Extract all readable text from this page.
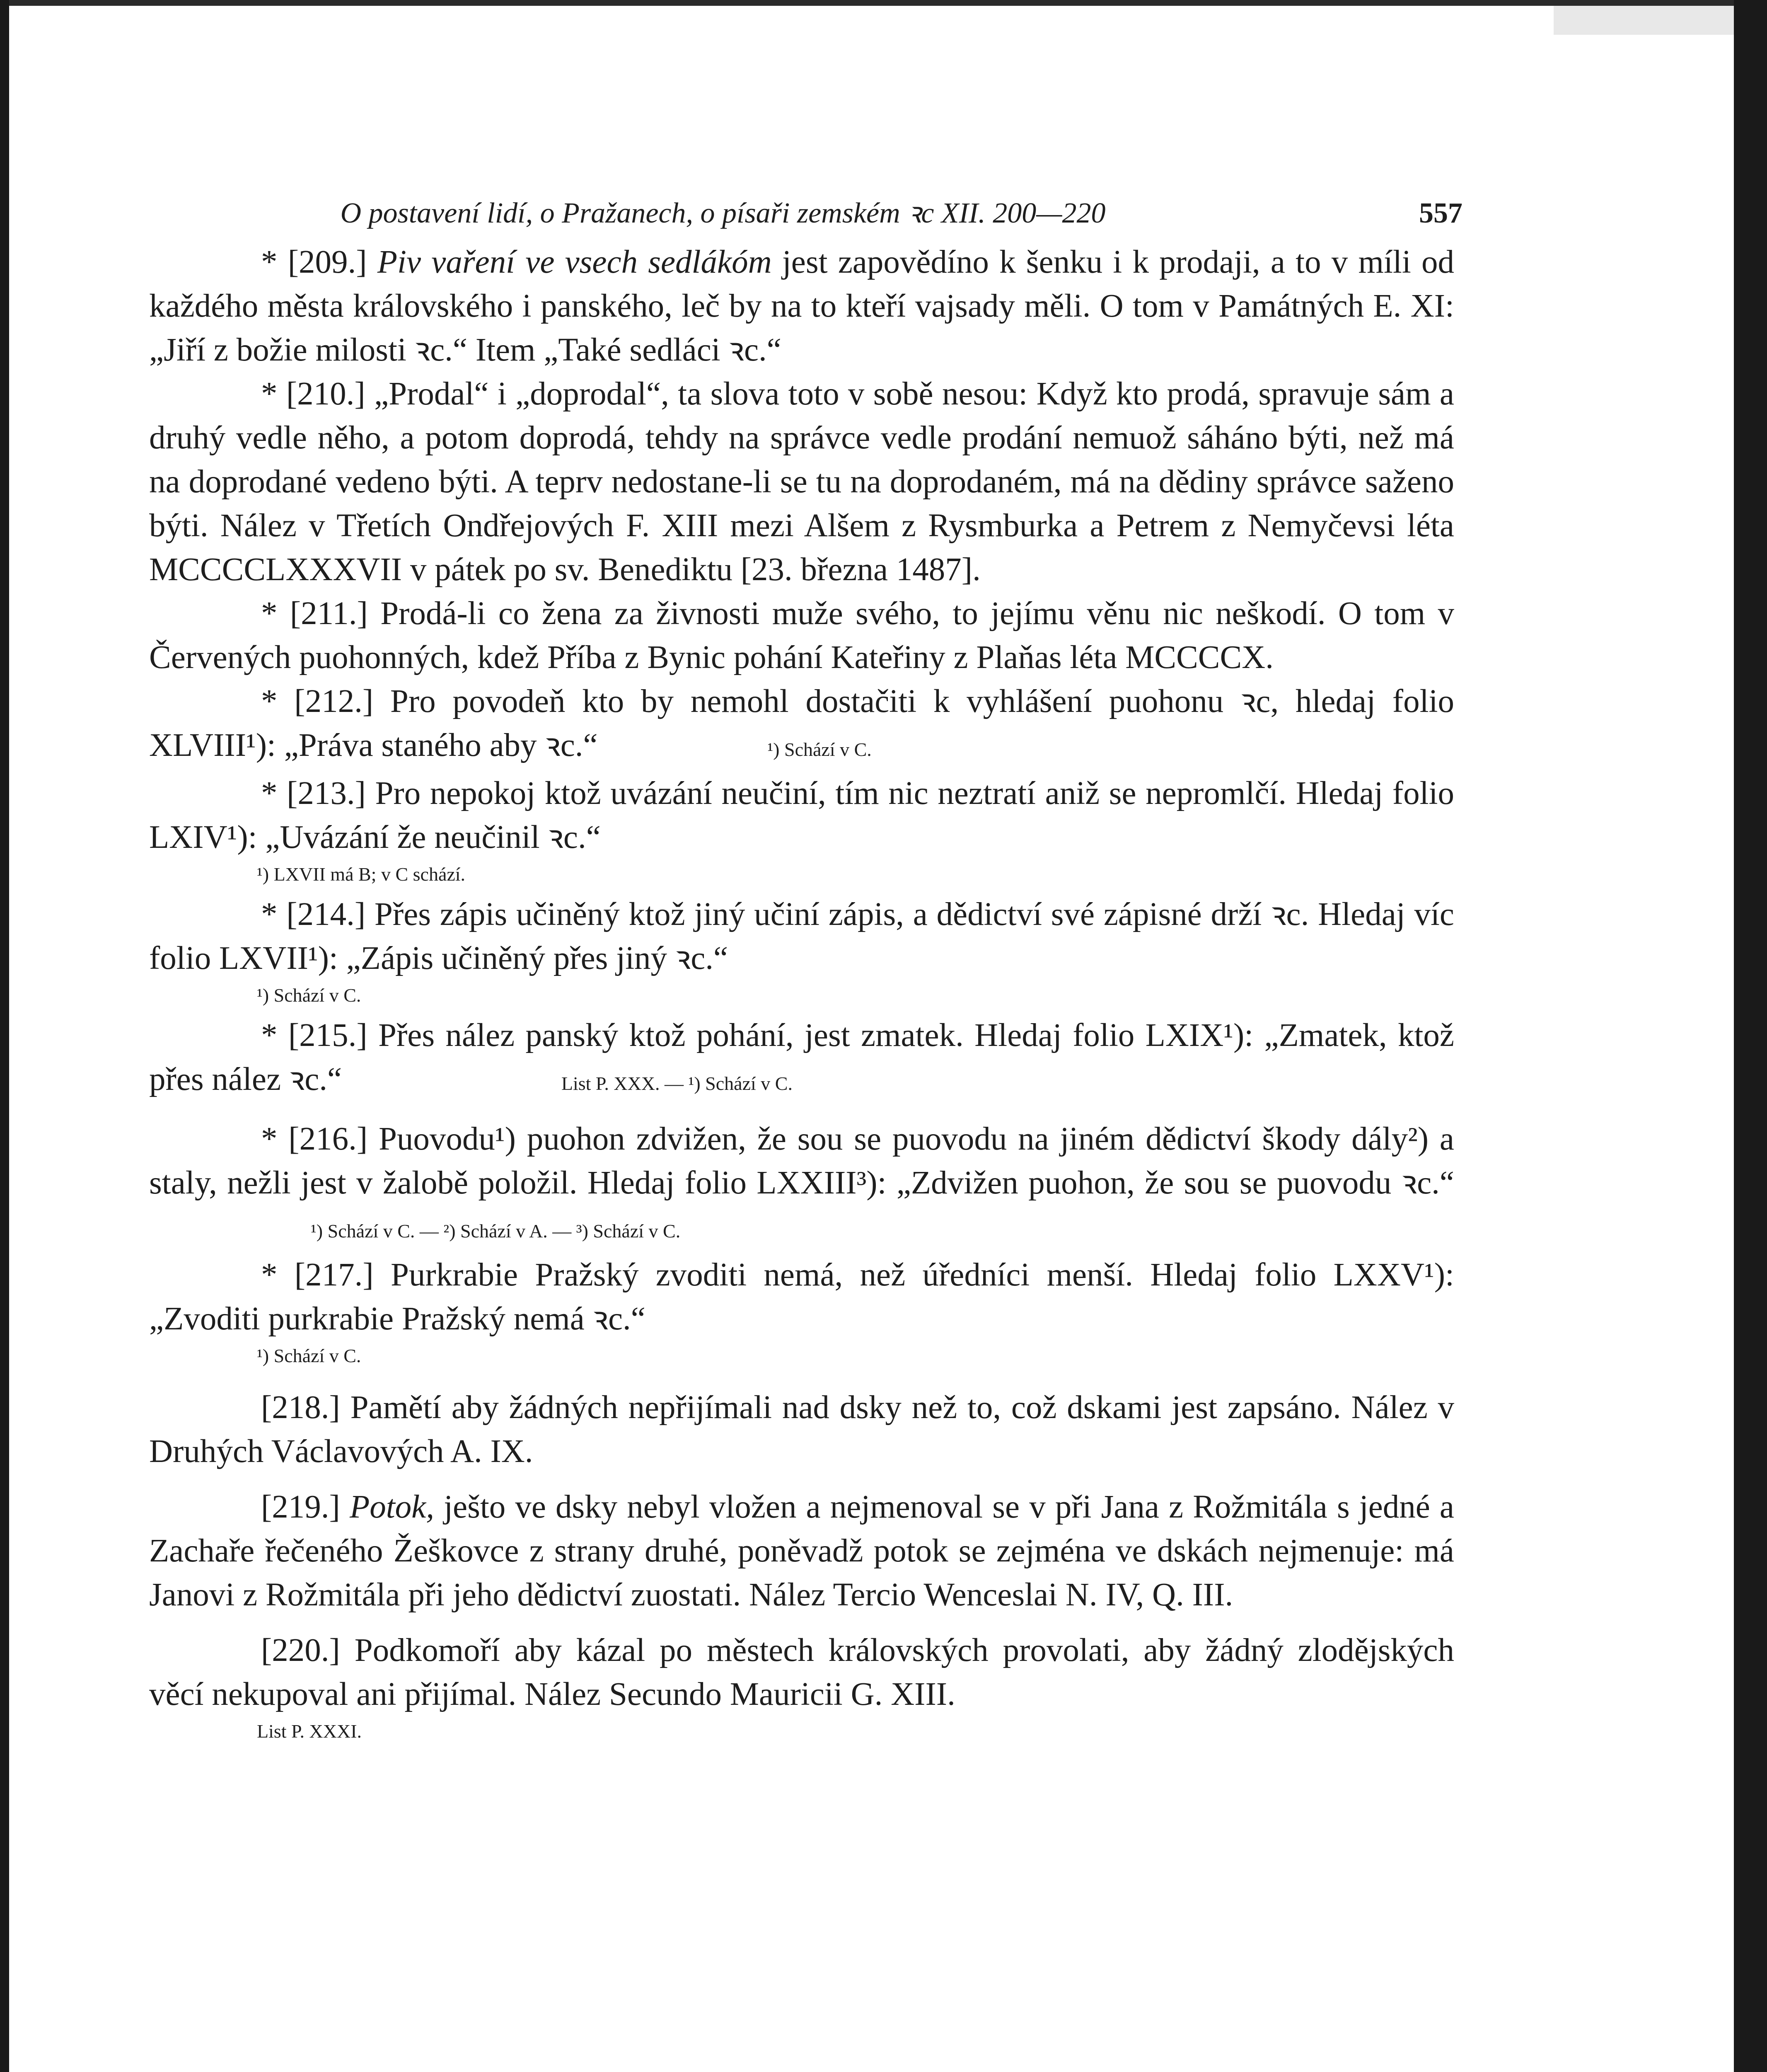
O postavení lidí, o Pražanech, o písaři zemském ꝛc XII. 200—220	557

* [209.] Piv vaření ve vsech sedlákóm jest zapovědíno k šenku i k prodaji, a to v míli od každého města královského i panského, leč by na to kteří vajsady měli. O tom v Památných E. XI: „Jiří z božie milosti ꝛc.“ Item „Také sedláci ꝛc.“

* [210.] „Prodal“ i „doprodal“, ta slova toto v sobě nesou: Když kto prodá, spravuje sám a druhý vedle něho, a potom doprodá, tehdy na správce vedle prodání nemuož sáháno býti, než má na doprodané vedeno býti. A teprv nedostane-li se tu na doprodaném, má na dědiny správce saženo býti. Nález v Třetích Ondřejových F. XIII mezi Alšem z Rysmburka a Petrem z Nemyčevsi léta MCCCCLXXXVII v pátek po sv. Benediktu [23. března 1487].

* [211.] Prodá-li co žena za živnosti muže svého, to jejímu věnu nic neškodí. O tom v Červených puohonných, kdež Příba z Bynic pohání Kateřiny z Plaňas léta MCCCCX.

* [212.] Pro povodeň kto by nemohl dostačiti k vyhlášení puohonu ꝛc, hledaj folio XLVIII¹): „Práva staného aby ꝛc.“	¹) Schází v C.

* [213.] Pro nepokoj ktož uvázání neučiní, tím nic neztratí aniž se nepromlčí. Hledaj folio LXIV¹): „Uvázání že neučinil ꝛc.“

¹) LXVII má B; v C schází.

* [214.] Přes zápis učiněný ktož jiný učiní zápis, a dědictví své zápisné drží ꝛc. Hledaj víc folio LXVII¹): „Zápis učiněný přes jiný ꝛc.“

¹) Schází v C.

* [215.] Přes nález panský ktož pohání, jest zmatek. Hledaj folio LXIX¹): „Zmatek, ktož přes nález ꝛc.“	List P. XXX. — ¹) Schází v C.

* [216.] Puovodu¹) puohon zdvižen, že sou se puovodu na jiném dědictví škody dály²) a staly, nežli jest v žalobě položil. Hledaj folio LXXIII³): „Zdvižen puohon, že sou se puovodu ꝛc.“ ¹) Schází v C. — ²) Schází v A. — ³) Schází v C.

* [217.] Purkrabie Pražský zvoditi nemá, než úředníci menší. Hledaj folio LXXV¹): „Zvoditi purkrabie Pražský nemá ꝛc.“

¹) Schází v C.

[218.] Pamětí aby žádných nepřijímali nad dsky než to, což dskami jest zapsáno. Nález v Druhých Václavových A. IX.

[219.] Potok, ješto ve dsky nebyl vložen a nejmenoval se v při Jana z Rožmitála s jedné a Zachaře řečeného Žeškovce z strany druhé, poněvadž potok se zejména ve dskách nejmenuje: má Janovi z Rožmitála při jeho dědictví zuostati. Nález Tercio Wenceslai N. IV, Q. III.

[220.] Podkomoří aby kázal po městech královských provolati, aby žádný zlodějských věcí nekupoval ani přijímal. Nález Secundo Mauricii G. XIII.

List P. XXXI.
